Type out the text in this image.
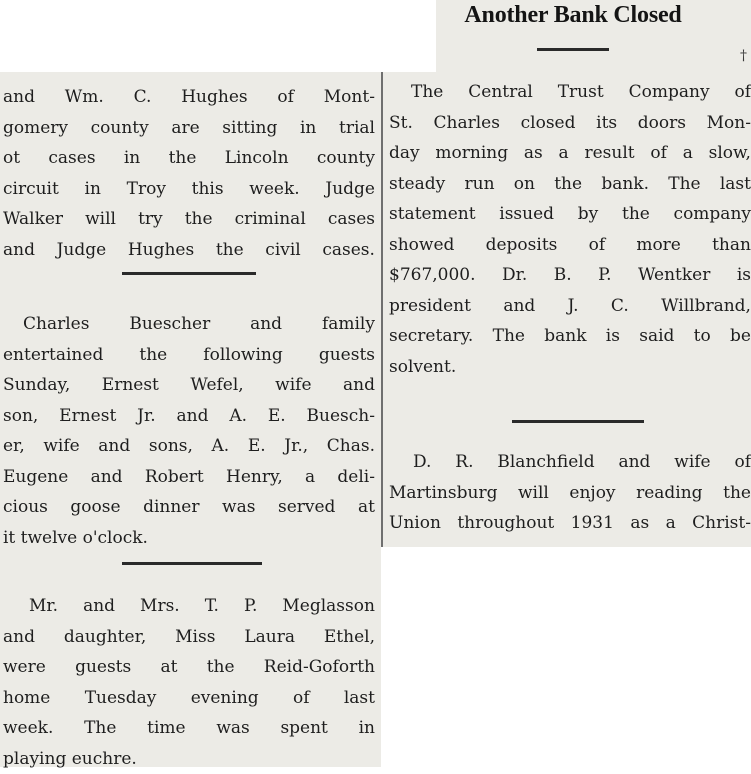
Another Bank Closed
†
and Wm. C. Hughes of Mont-
gomery county are sitting in trial
ot cases in the Lincoln county
circuit in Troy this week. Judge
Walker will try the criminal cases
and Judge Hughes the civil cases.
Charles Buescher and family
entertained the following guests
Sunday, Ernest Wefel, wife and
son, Ernest Jr. and A. E. Buesch-
er, wife and sons, A. E. Jr., Chas.
Eugene and Robert Henry, a deli-
cious goose dinner was served at
it twelve o'clock.
Mr. and Mrs. T. P. Meglasson
and daughter, Miss Laura Ethel,
were guests at the Reid-Goforth
home Tuesday evening of last
week. The time was spent in
playing euchre.
The Central Trust Company of
St. Charles closed its doors Mon-
day morning as a result of a slow,
steady run on the bank. The last
statement issued by the company
showed deposits of more than
$767,000. Dr. B. P. Wentker is
president and J. C. Willbrand,
secretary. The bank is said to be
solvent.
D. R. Blanchfield and wife of
Martinsburg will enjoy reading the
Union throughout 1931 as a Christ-
